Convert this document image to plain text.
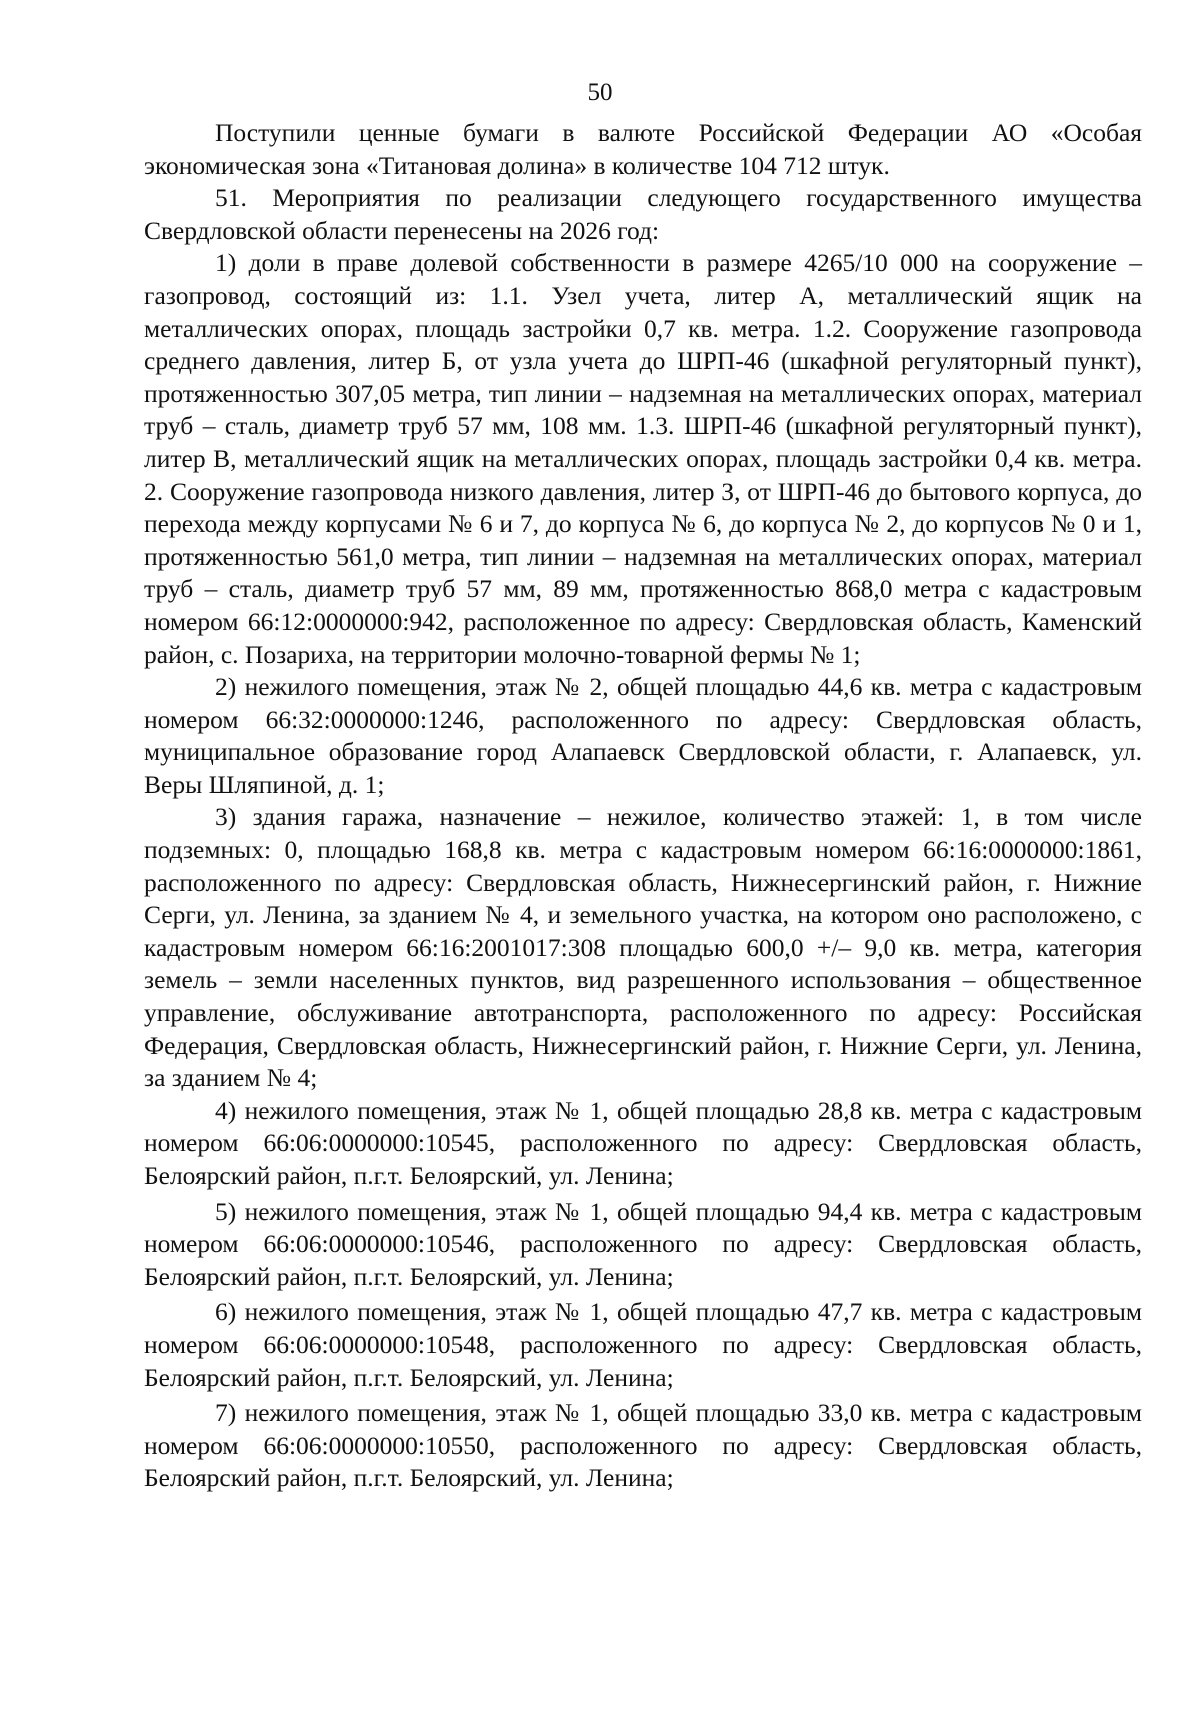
50

Поступили ценные бумаги в валюте Российской Федерации АО «Особая экономическая зона «Титановая долина» в количестве 104 712 штук.

51. Мероприятия по реализации следующего государственного имущества Свердловской области перенесены на 2026 год:

1) доли в праве долевой собственности в размере 4265/10 000 на сооружение – газопровод, состоящий из: 1.1. Узел учета, литер А, металлический ящик на металлических опорах, площадь застройки 0,7 кв. метра. 1.2. Сооружение газопровода среднего давления, литер Б, от узла учета до ШРП-46 (шкафной регуляторный пункт), протяженностью 307,05 метра, тип линии – надземная на металлических опорах, материал труб – сталь, диаметр труб 57 мм, 108 мм. 1.3. ШРП-46 (шкафной регуляторный пункт), литер В, металлический ящик на металлических опорах, площадь застройки 0,4 кв. метра. 2. Сооружение газопровода низкого давления, литер З, от ШРП-46 до бытового корпуса, до перехода между корпусами № 6 и 7, до корпуса № 6, до корпуса № 2, до корпусов № 0 и 1, протяженностью 561,0 метра, тип линии – надземная на металлических опорах, материал труб – сталь, диаметр труб 57 мм, 89 мм, протяженностью 868,0 метра с кадастровым номером 66:12:0000000:942, расположенное по адресу: Свердловская область, Каменский район, с. Позариха, на территории молочно-товарной фермы № 1;

2) нежилого помещения, этаж № 2, общей площадью 44,6 кв. метра с кадастровым номером 66:32:0000000:1246, расположенного по адресу: Свердловская область, муниципальное образование город Алапаевск Свердловской области, г. Алапаевск, ул. Веры Шляпиной, д. 1;

3) здания гаража, назначение – нежилое, количество этажей: 1, в том числе подземных: 0, площадью 168,8 кв. метра с кадастровым номером 66:16:0000000:1861, расположенного по адресу: Свердловская область, Нижнесергинский район, г. Нижние Серги, ул. Ленина, за зданием № 4, и земельного участка, на котором оно расположено, с кадастровым номером 66:16:2001017:308 площадью 600,0 +/– 9,0 кв. метра, категория земель – земли населенных пунктов, вид разрешенного использования – общественное управление, обслуживание автотранспорта, расположенного по адресу: Российская Федерация, Свердловская область, Нижнесергинский район, г. Нижние Серги, ул. Ленина, за зданием № 4;

4) нежилого помещения, этаж № 1, общей площадью 28,8 кв. метра с кадастровым номером 66:06:0000000:10545, расположенного по адресу: Свердловская область, Белоярский район, п.г.т. Белоярский, ул. Ленина;

5) нежилого помещения, этаж № 1, общей площадью 94,4 кв. метра с кадастровым номером 66:06:0000000:10546, расположенного по адресу: Свердловская область, Белоярский район, п.г.т. Белоярский, ул. Ленина;

6) нежилого помещения, этаж № 1, общей площадью 47,7 кв. метра с кадастровым номером 66:06:0000000:10548, расположенного по адресу: Свердловская область, Белоярский район, п.г.т. Белоярский, ул. Ленина;

7) нежилого помещения, этаж № 1, общей площадью 33,0 кв. метра с кадастровым номером 66:06:0000000:10550, расположенного по адресу: Свердловская область, Белоярский район, п.г.т. Белоярский, ул. Ленина;
